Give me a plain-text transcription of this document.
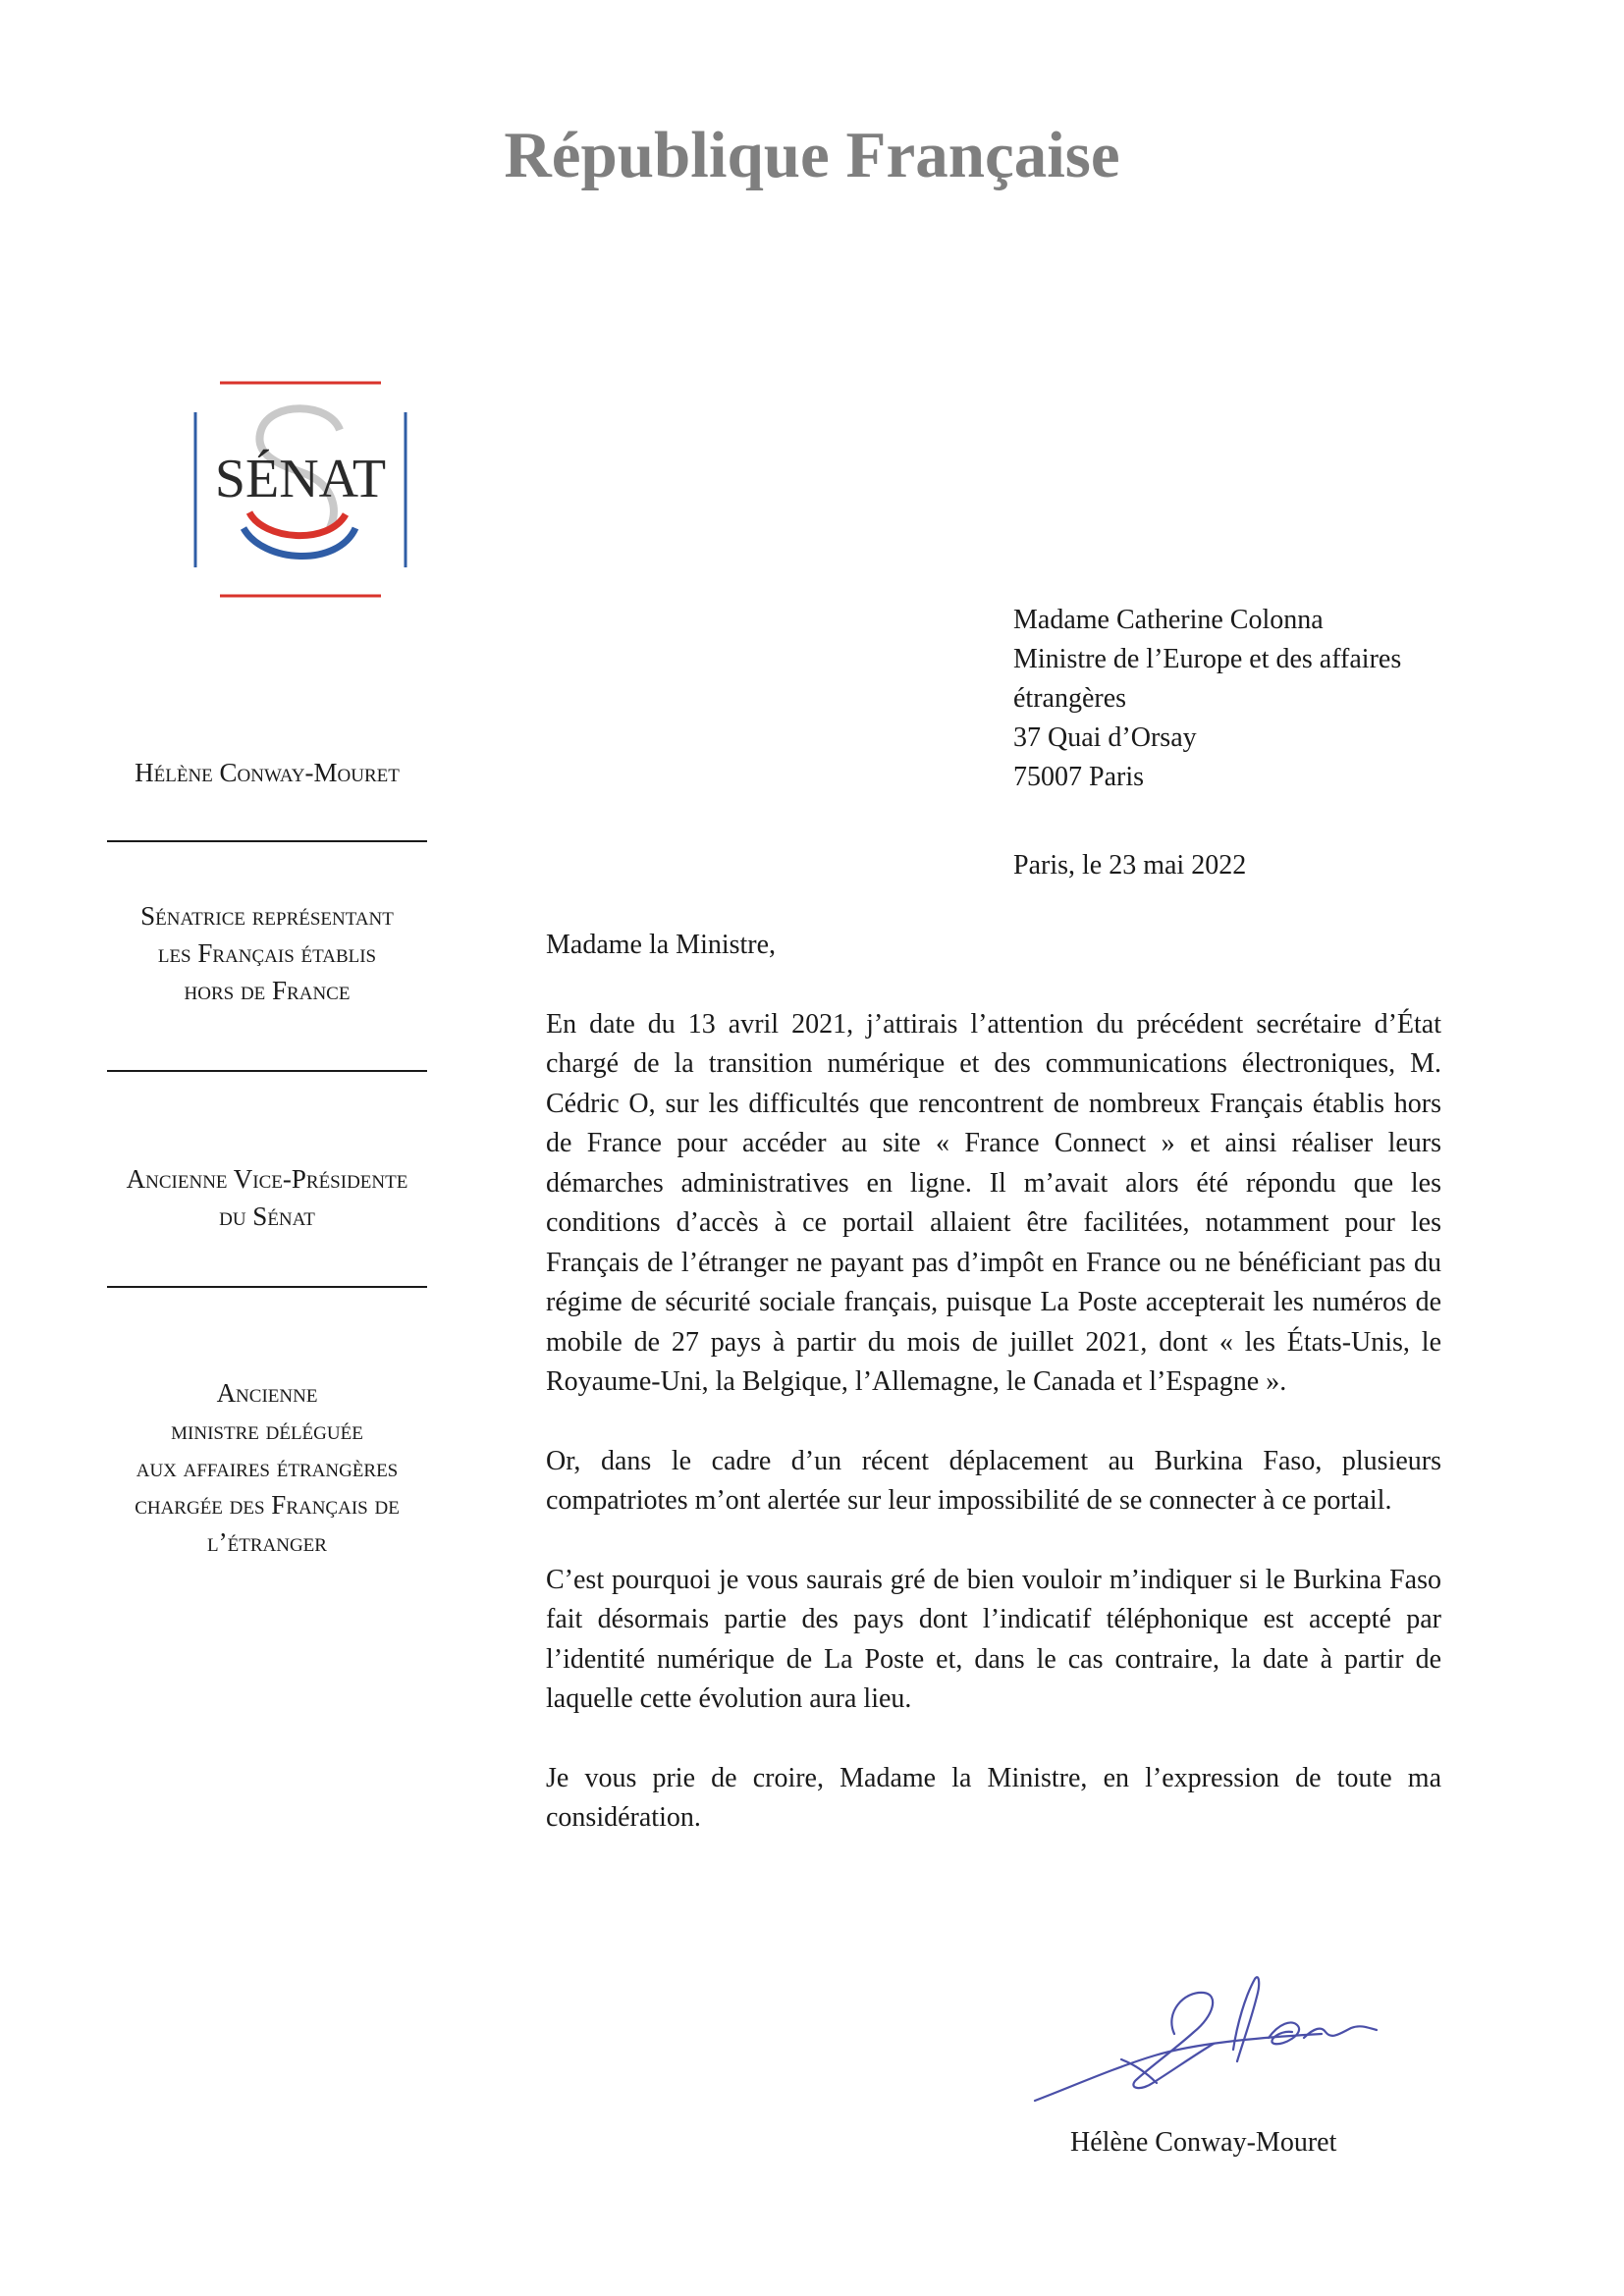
République Française
SÉNAT
Hélène Conway-Mouret
Sénatrice représentant
les Français établis
hors de France
Ancienne Vice-Présidente
du Sénat
Ancienne
ministre déléguée
aux affaires étrangères
chargée des Français de
l’étranger
Madame Catherine Colonna
Ministre de l’Europe et des affaires
étrangères
37 Quai d’Orsay
75007 Paris
Paris, le 23 mai 2022

Madame la Ministre,

En date du 13 avril 2021, j’attirais l’attention du précédent secrétaire d’État chargé de la transition numérique et des communications électroniques, M. Cédric O, sur les difficultés que rencontrent de nombreux Français établis hors de France pour accéder au site « France Connect » et ainsi réaliser leurs démarches administratives en ligne. Il m’avait alors été répondu que les conditions d’accès à ce portail allaient être facilitées, notamment pour les Français de l’étranger ne payant pas d’impôt en France ou ne bénéficiant pas du régime de sécurité sociale français, puisque La Poste accepterait les numéros de mobile de 27 pays à partir du mois de juillet 2021, dont « les États-Unis, le Royaume-Uni, la Belgique, l’Allemagne, le Canada et l’Espagne ».

Or, dans le cadre d’un récent déplacement au Burkina Faso, plusieurs compatriotes m’ont alertée sur leur impossibilité de se connecter à ce portail.

C’est pourquoi je vous saurais gré de bien vouloir m’indiquer si le Burkina Faso fait désormais partie des pays dont l’indicatif téléphonique est accepté par l’identité numérique de La Poste et, dans le cas contraire, la date à partir de laquelle cette évolution aura lieu.

Je vous prie de croire, Madame la Ministre, en l’expression de toute ma considération.

Hélène Conway-Mouret
